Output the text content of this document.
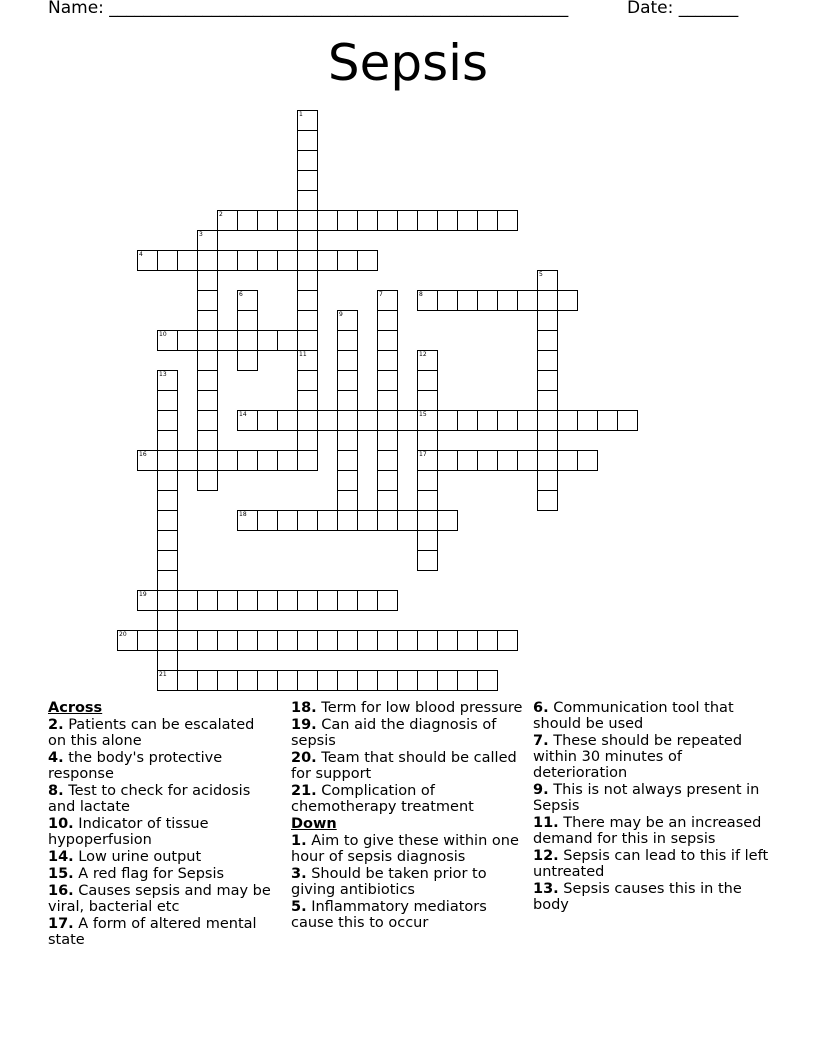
Name: ______________________________________________________	Date: _______
Sepsis
1
11
2
3
4
5
6	7	8
9
10
12
15
17
13
21
14
16
18
19
20
Across
2. Patients can be escalated on this alone
4. the body's protective response
8. Test to check for acidosis and lactate
10. Indicator of tissue hypoperfusion
14. Low urine output
15. A red flag for Sepsis
16. Causes sepsis and may be viral, bacterial etc
17. A form of altered mental state
18. Term for low blood pressure
19. Can aid the diagnosis of sepsis
20. Team that should be called for support
21. Complication of chemotherapy treatment
Down
1. Aim to give these within one hour of sepsis diagnosis
3. Should be taken prior to giving antibiotics
5. Inflammatory mediators cause this to occur
6. Communication tool that should be used
7. These should be repeated within 30 minutes of deterioration
9. This is not always present in Sepsis
11. There may be an increased demand for this in sepsis
12. Sepsis can lead to this if left untreated
13. Sepsis causes this in the body
